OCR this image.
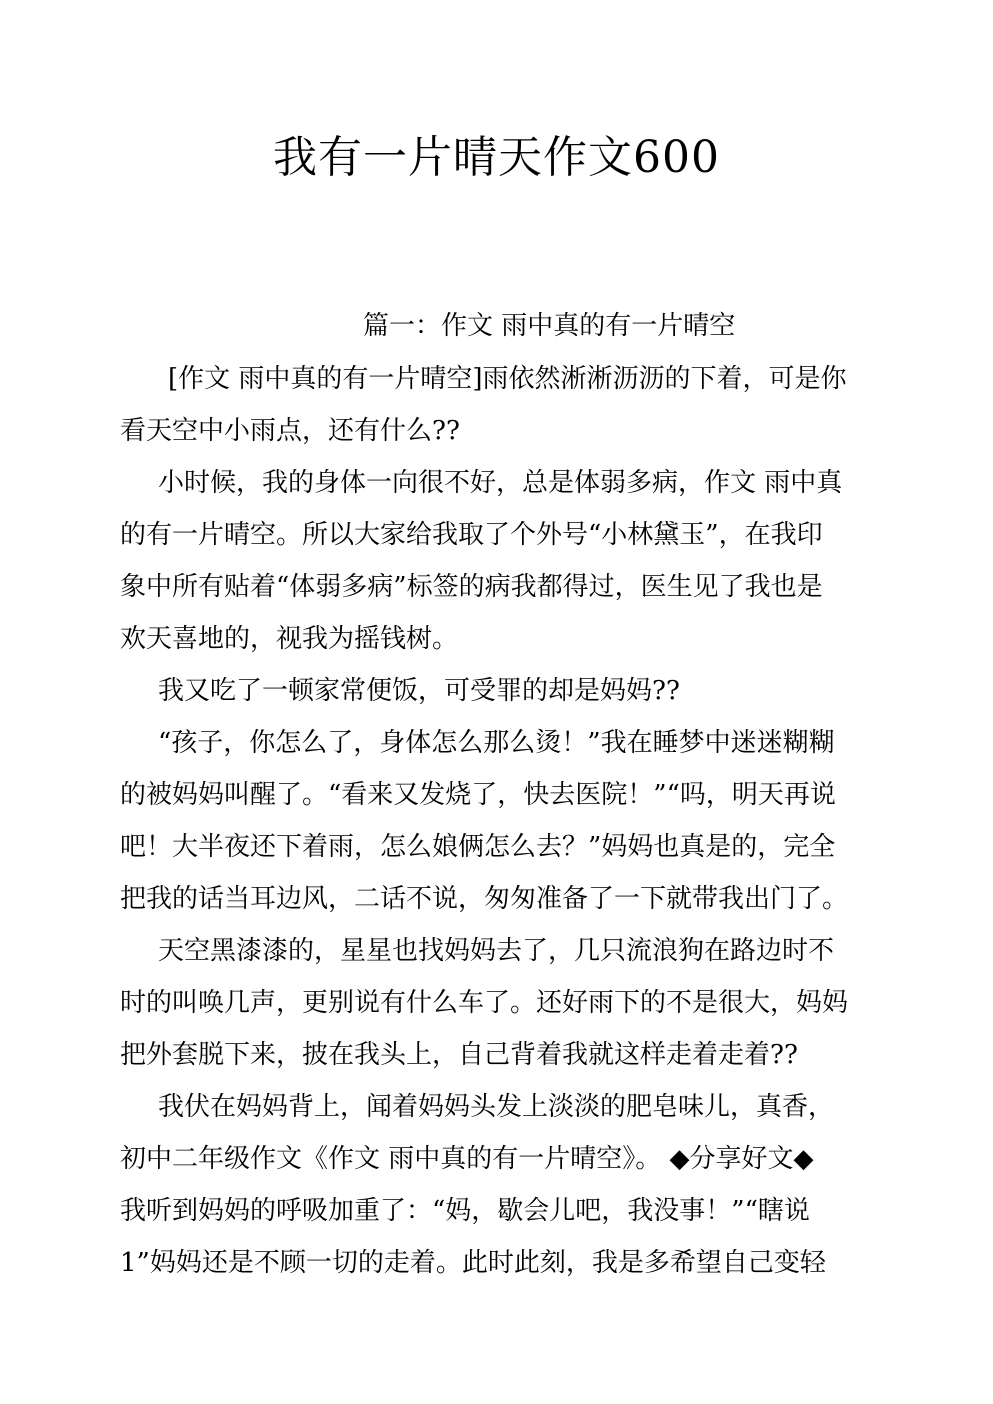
我有一片晴天作文600
篇一：作文 雨中真的有一片晴空

[作文 雨中真的有一片晴空]雨依然淅淅沥沥的下着，可是你

看天空中小雨点，还有什么??

小时候，我的身体一向很不好，总是体弱多病，作文 雨中真

的有一片晴空。所以大家给我取了个外号“小林黛玉”，在我印

象中所有贴着“体弱多病”标签的病我都得过，医生见了我也是

欢天喜地的，视我为摇钱树。

我又吃了一顿家常便饭，可受罪的却是妈妈??

“孩子，你怎么了，身体怎么那么烫！”我在睡梦中迷迷糊糊

的被妈妈叫醒了。“看来又发烧了，快去医院！”“吗，明天再说

吧！大半夜还下着雨，怎么娘俩怎么去？”妈妈也真是的，完全

把我的话当耳边风，二话不说，匆匆准备了一下就带我出门了。

天空黑漆漆的，星星也找妈妈去了，几只流浪狗在路边时不

时的叫唤几声，更别说有什么车了。还好雨下的不是很大，妈妈

把外套脱下来，披在我头上，自己背着我就这样走着走着??

我伏在妈妈背上，闻着妈妈头发上淡淡的肥皂味儿，真香，

初中二年级作文《作文 雨中真的有一片晴空》。 ◆分享好文◆

我听到妈妈的呼吸加重了：“妈，歇会儿吧，我没事！”“瞎说

1”妈妈还是不顾一切的走着。此时此刻，我是多希望自己变轻
